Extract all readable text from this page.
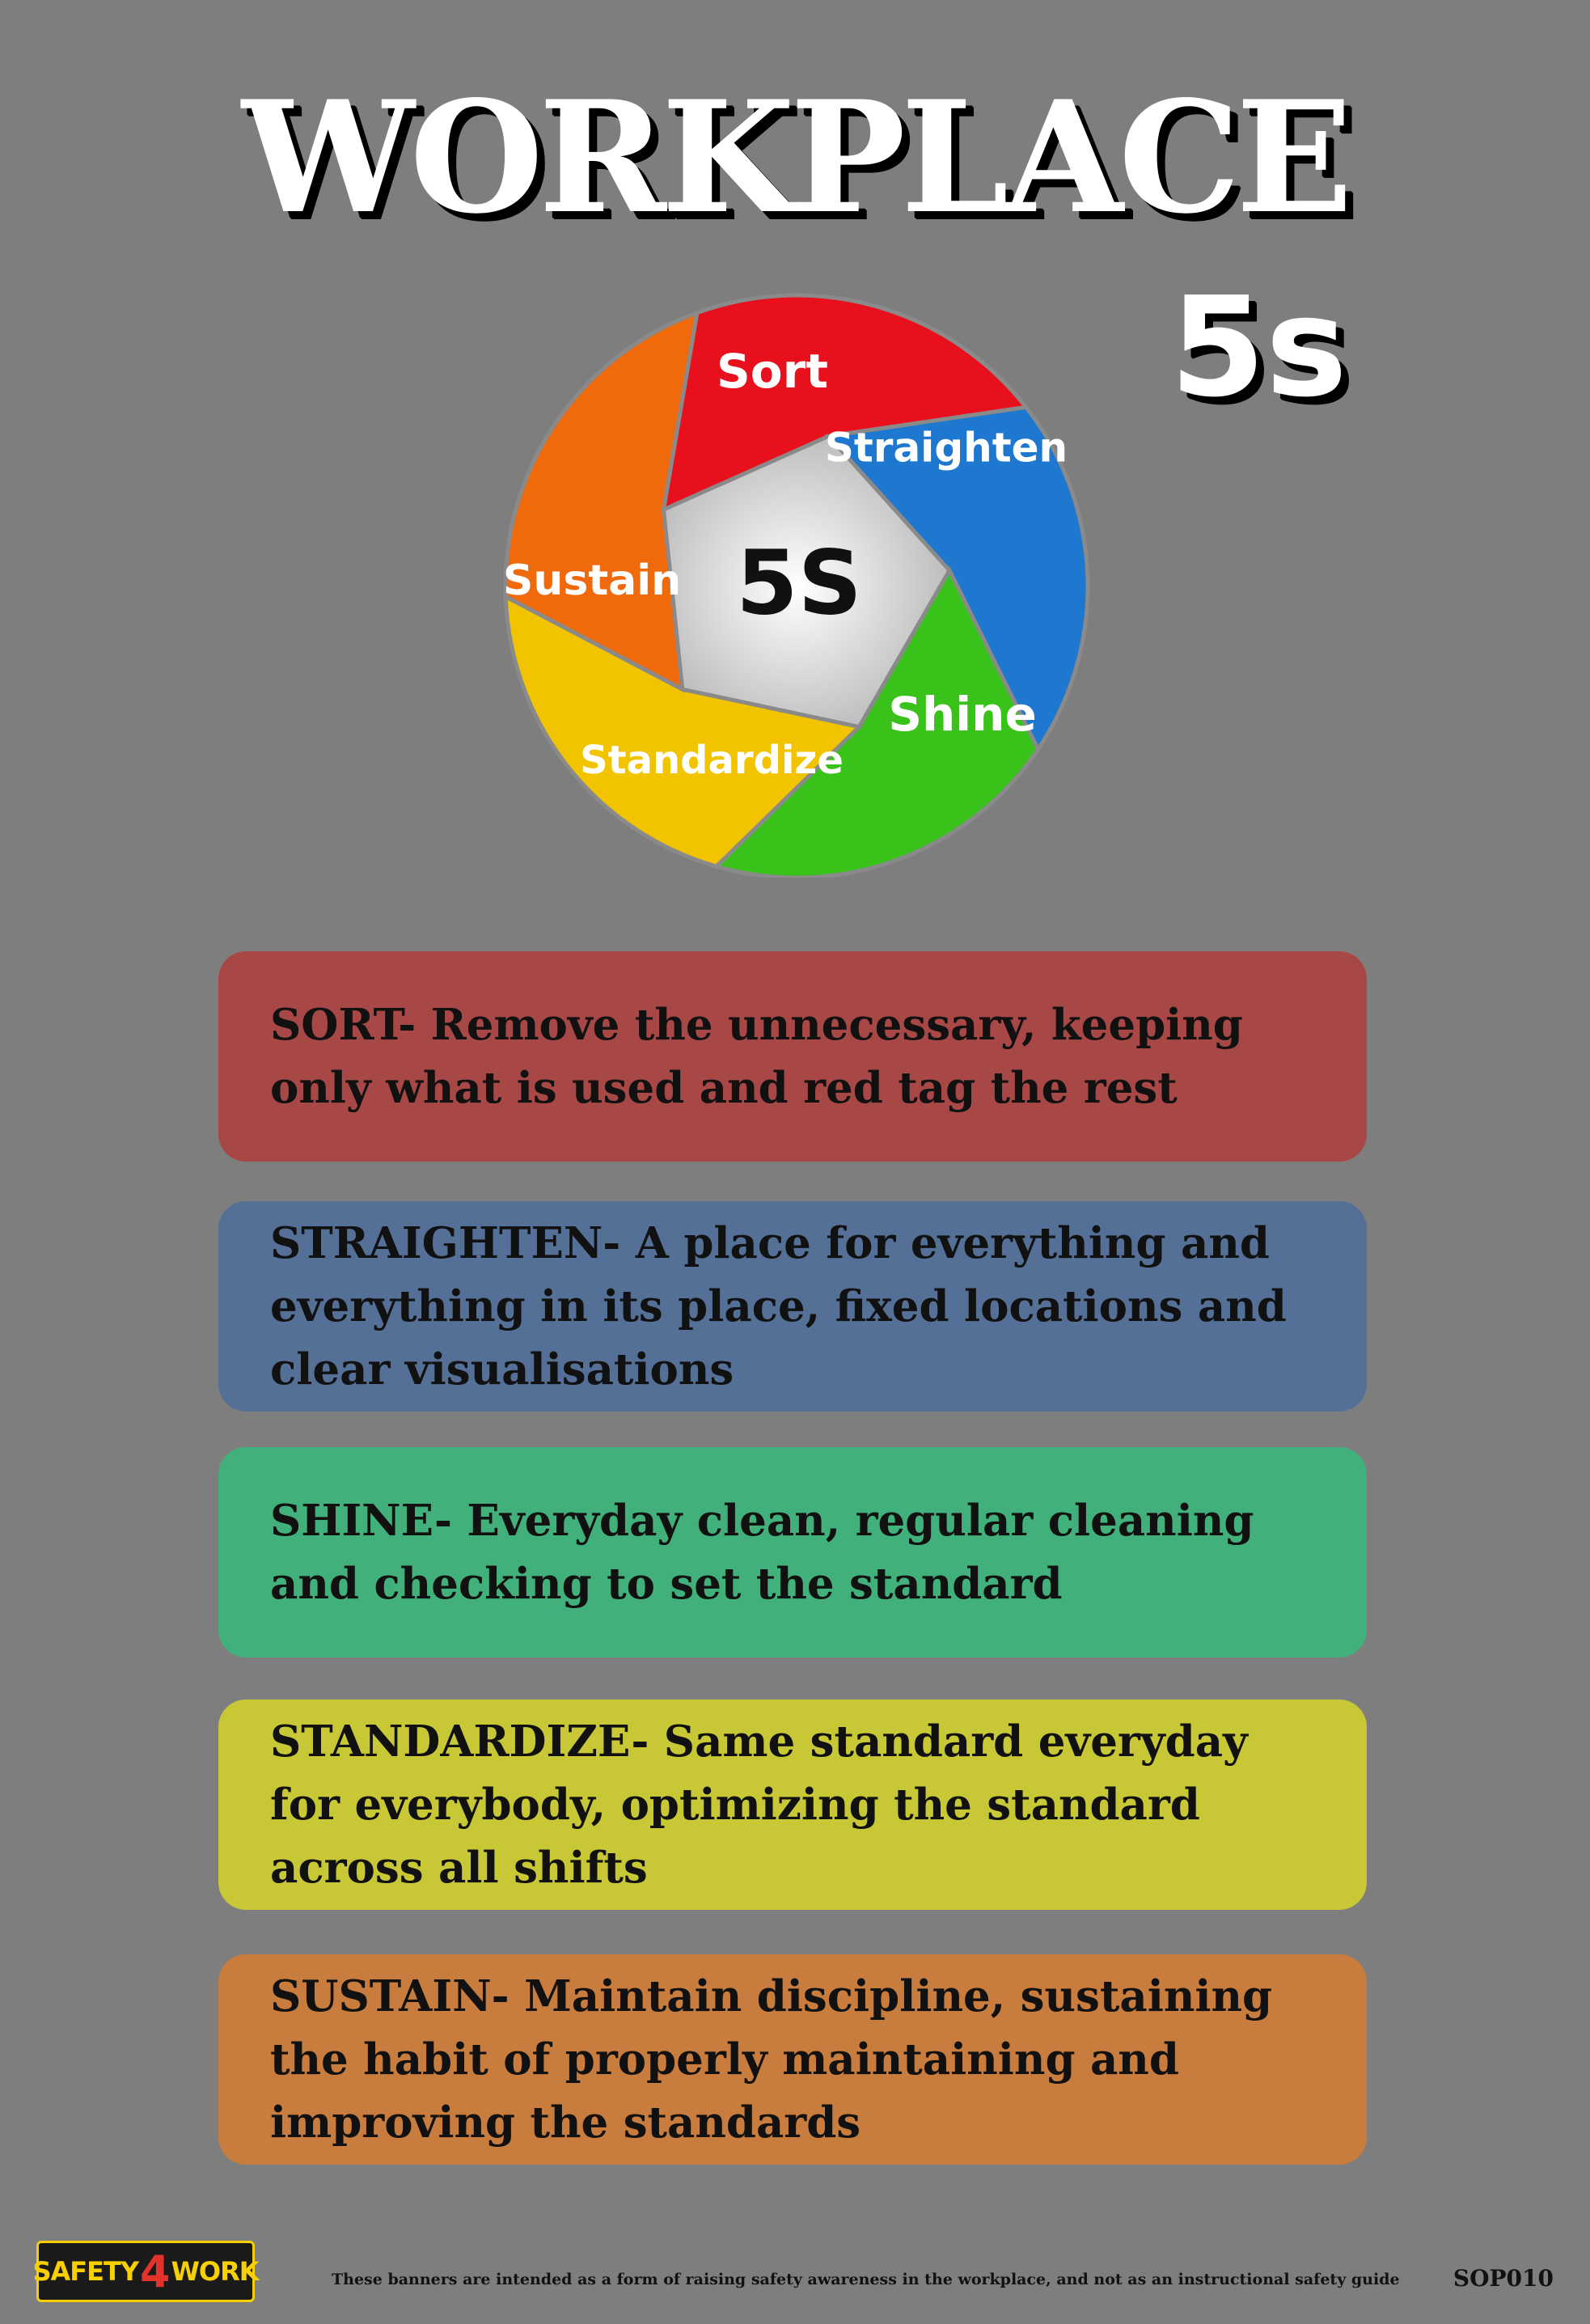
WORKPLACE
5s
Sort
Straighten
Shine
Standardize
Sustain 5S
SORT- Remove the unnecessary, keeping only what is used and red tag the rest
STRAIGHTEN- A place for everything and everything in its place, fixed locations and clear visualisations
SHINE- Everyday clean, regular cleaning and checking to set the standard
STANDARDIZE- Same standard everyday for everybody, optimizing the standard across all shifts
SUSTAIN- Maintain discipline, sustaining the habit of properly maintaining and improving the standards
SAFETY 4 WORK	These banners are intended as a form of raising safety awareness in the workplace, and not as an instructional safety guide SOP010
